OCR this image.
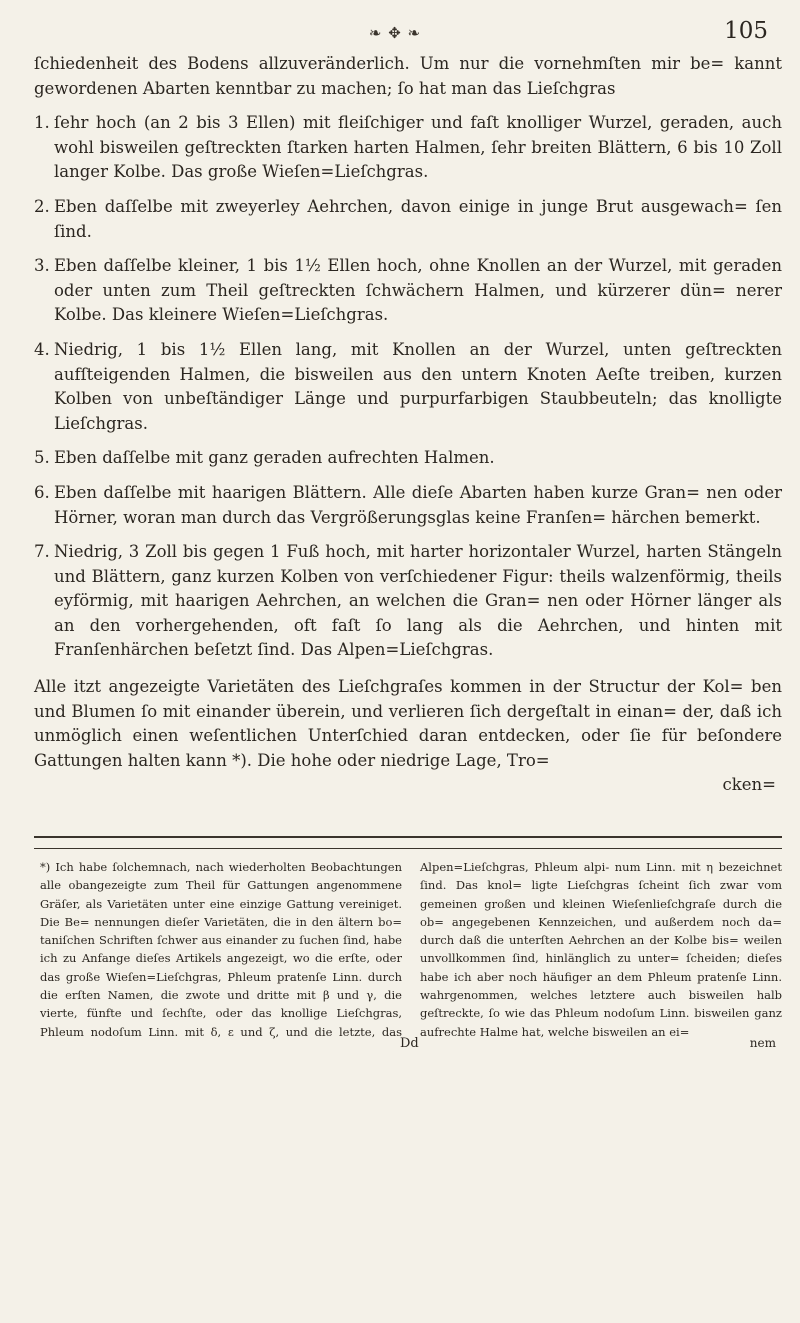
❧ ✥ ❧	105

ſchiedenheit des Bodens allzuveränderlich. Um nur die vornehmſten mir be= kannt gewordenen Abarten kenntbar zu machen; ſo hat man das Lieſchgras

1. ſehr hoch (an 2 bis 3 Ellen) mit fleiſchiger und faſt knolliger Wurzel, geraden, auch wohl bisweilen geſtreckten ſtarken harten Halmen, ſehr breiten Blättern, 6 bis 10 Zoll langer Kolbe. Das große Wieſen=Lieſchgras.
2. Eben daſſelbe mit zweyerley Aehrchen, davon einige in junge Brut ausgewach= ſen ſind.
3. Eben daſſelbe kleiner, 1 bis 1½ Ellen hoch, ohne Knollen an der Wurzel, mit geraden oder unten zum Theil geſtreckten ſchwächern Halmen, und kürzerer dün= nerer Kolbe. Das kleinere Wieſen=Lieſchgras.
4. Niedrig, 1 bis 1½ Ellen lang, mit Knollen an der Wurzel, unten geſtreckten aufſteigenden Halmen, die bisweilen aus den untern Knoten Aeſte treiben, kurzen Kolben von unbeſtändiger Länge und purpurfarbigen Staubbeuteln; das knolligte Lieſchgras.
5. Eben daſſelbe mit ganz geraden aufrechten Halmen.
6. Eben daſſelbe mit haarigen Blättern. Alle dieſe Abarten haben kurze Gran= nen oder Hörner, woran man durch das Vergrößerungsglas keine Franſen= härchen bemerkt.
7. Niedrig, 3 Zoll bis gegen 1 Fuß hoch, mit harter horizontaler Wurzel, harten Stängeln und Blättern, ganz kurzen Kolben von verſchiedener Figur: theils walzenförmig, theils eyförmig, mit haarigen Aehrchen, an welchen die Gran= nen oder Hörner länger als an den vorhergehenden, oft faſt ſo lang als die Aehrchen, und hinten mit Franſenhärchen beſetzt ſind. Das Alpen=Lieſchgras.

Alle itzt angezeigte Varietäten des Lieſchgraſes kommen in der Structur der Kol= ben und Blumen ſo mit einander überein, und verlieren ſich dergeſtalt in einan= der, daß ich unmöglich einen weſentlichen Unterſchied daran entdecken, oder ſie für beſondere Gattungen halten kann *). Die hohe oder niedrige Lage, Tro=

cken=

*) Ich habe ſolchemnach, nach wiederholten Beobachtungen alle obangezeigte zum Theil für Gattungen angenommene Gräſer, als Varietäten unter eine einzige Gattung vereiniget. Die Be= nennungen dieſer Varietäten, die in den ältern bo= taniſchen Schriften ſchwer aus einander zu ſuchen ſind, habe ich zu Anfange dieſes Artikels angezeigt, wo die erſte, oder das große Wieſen=Lieſchgras, Phleum pratenſe Linn. durch die erſten Namen, die zwote und dritte mit β und γ, die vierte, fünfte und ſechſte, oder das knollige Lieſchgras, Phleum nodoſum Linn. mit δ, ε und ζ, und die letzte, das Alpen=Lieſchgras, Phleum alpi- num Linn. mit η bezeichnet ſind. Das knol= ligte Lieſchgras ſcheint ſich zwar vom gemeinen großen und kleinen Wieſenlieſchgraſe durch die ob= angegebenen Kennzeichen, und außerdem noch da= durch daß die unterſten Aehrchen an der Kolbe bis= weilen unvollkommen ſind, hinlänglich zu unter= ſcheiden; dieſes habe ich aber noch häufiger an dem Phleum pratenſe Linn. wahrgenommen, welches letztere auch bisweilen halb geſtreckte, ſo wie das Phleum nodoſum Linn. bisweilen ganz aufrechte Halme hat, welche bisweilen an ei=
Dd	nem
